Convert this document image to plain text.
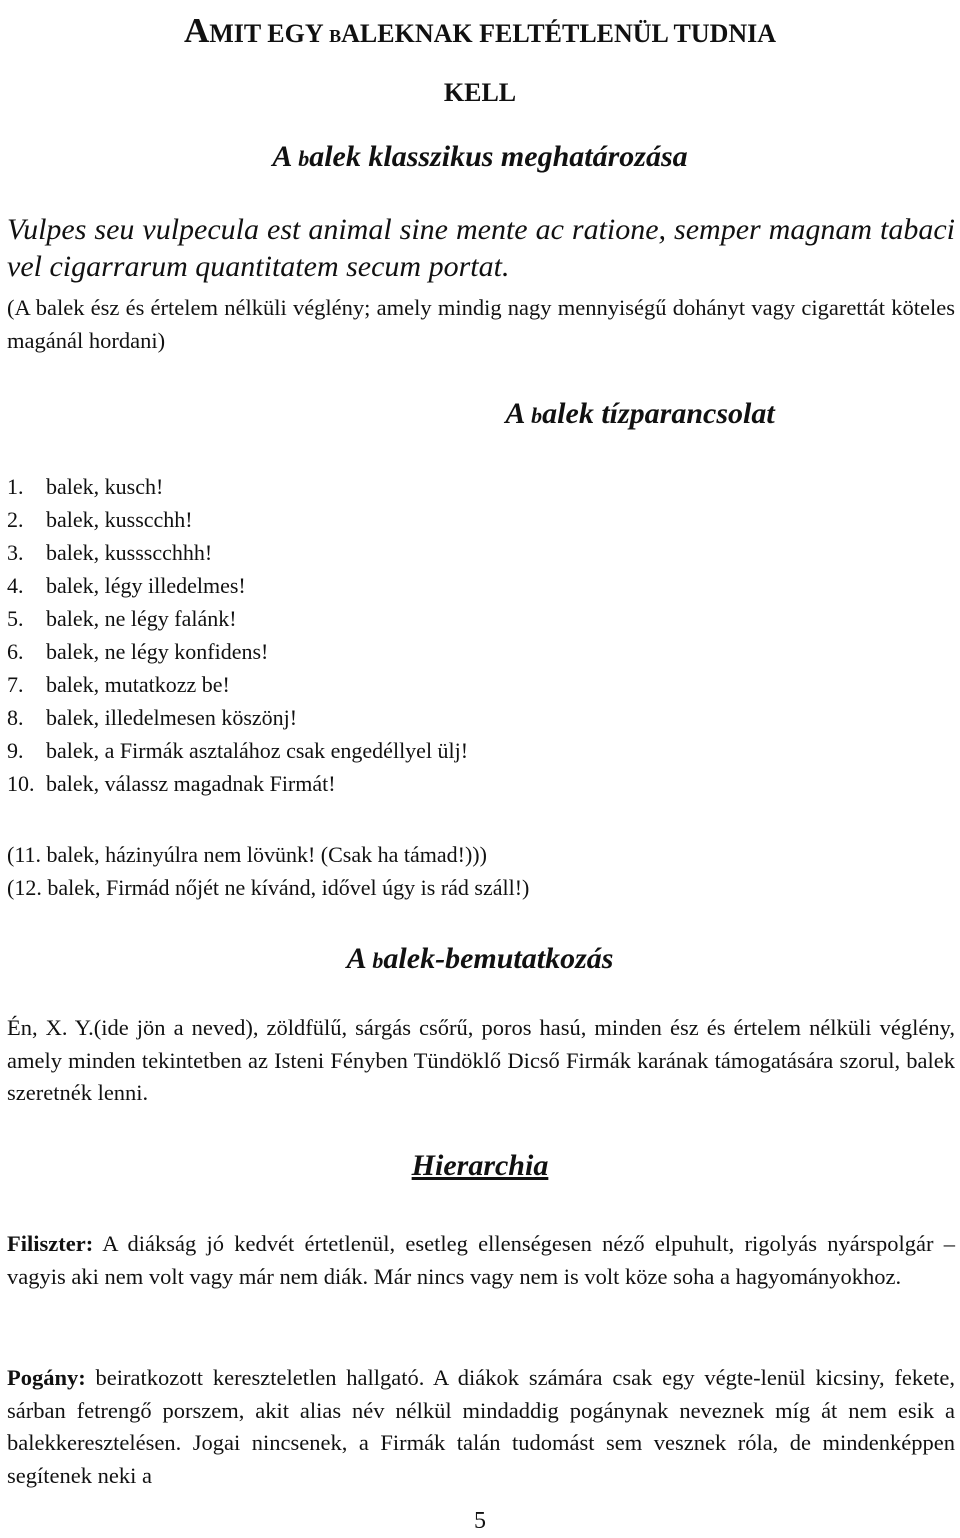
AMIT EGY BALEKNAK FELTÉTLENÜL TUDNIA
KELL
A balek klasszikus meghatározása

Vulpes seu vulpecula est animal sine mente ac ratione, semper magnam tabaci vel cigarrarum quantitatem secum portat.

(A balek ész és értelem nélküli véglény; amely mindig nagy mennyiségű dohányt vagy cigarettát köteles magánál hordani)

A balek tízparancsolat
1.	balek, kusch!
2.	balek, kusscchh!
3.	balek, kussscchhh!
4.	balek, légy illedelmes!
5.	balek, ne légy falánk!
6.	balek, ne légy konfidens!
7.	balek, mutatkozz be!
8.	balek, illedelmesen köszönj!
9.	balek, a Firmák asztalához csak engedéllyel ülj!
10. balek, válassz magadnak Firmát!
(11. balek, házinyúlra nem lövünk! (Csak ha támad!)))
(12. balek, Firmád nőjét ne kívánd, idővel úgy is rád száll!)
A balek-bemutatkozás

Én, X. Y.(ide jön a neved), zöldfülű, sárgás csőrű, poros hasú, minden ész és értelem nélküli véglény, amely minden tekintetben az Isteni Fényben Tündöklő Dicső Firmák karának támogatására szorul, balek szeretnék lenni.

Hierarchia

Filiszter: A diákság jó kedvét értetlenül, esetleg ellenségesen néző elpuhult, rigolyás nyárspolgár – vagyis aki nem volt vagy már nem diák. Már nincs vagy nem is volt köze soha a hagyományokhoz.

Pogány: beiratkozott kereszteletlen hallgató. A diákok számára csak egy végte-lenül kicsiny, fekete, sárban fetrengő porszem, akit alias név nélkül mindaddig pogánynak neveznek míg át nem esik a balekkeresztelésen. Jogai nincsenek, a Firmák talán tudomást sem vesznek róla, de mindenképpen segítenek neki a

5
